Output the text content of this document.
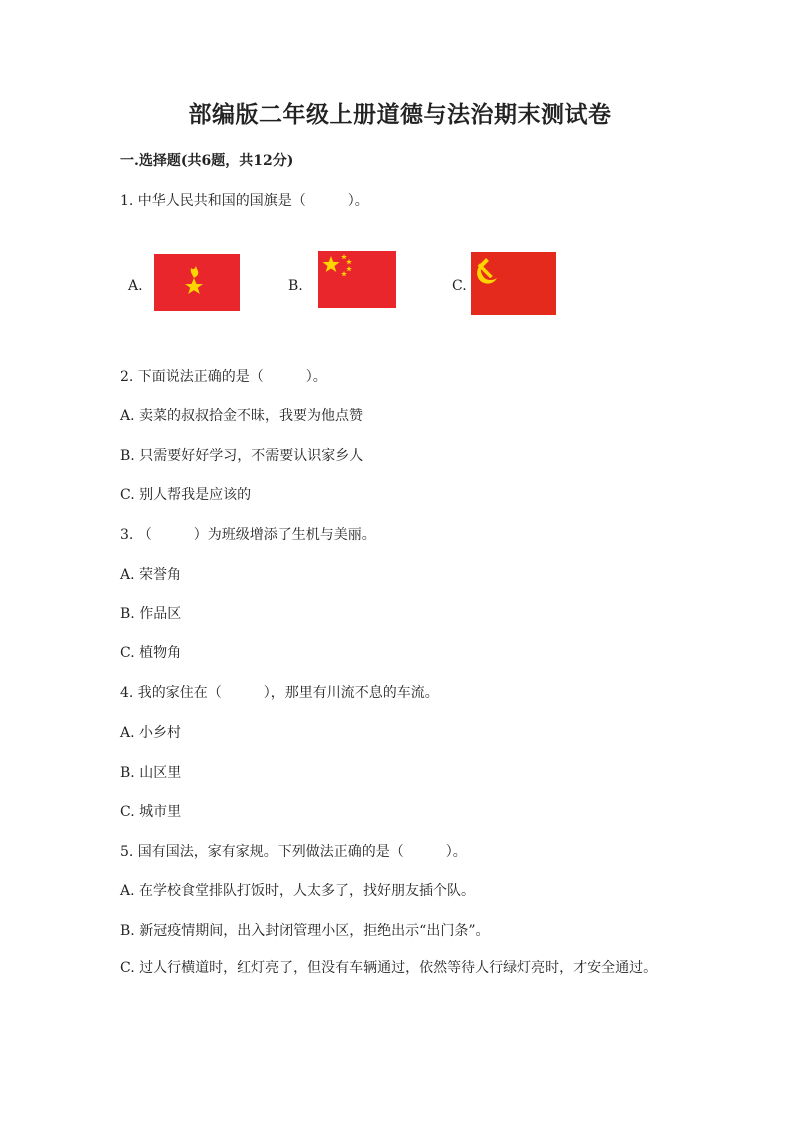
部编版二年级上册道德与法治期末测试卷
一.选择题(共6题，共12分)
1. 中华人民共和国的国旗是（　　　）。
A.	B.	C.
2. 下面说法正确的是（　　　）。
A. 卖菜的叔叔拾金不昧，我要为他点赞
B. 只需要好好学习，不需要认识家乡人
C. 别人帮我是应该的
3. （　　　）为班级增添了生机与美丽。
A. 荣誉角
B. 作品区
C. 植物角
4. 我的家住在（　　　），那里有川流不息的车流。
A. 小乡村
B. 山区里
C. 城市里
5. 国有国法，家有家规。下列做法正确的是（　　　）。
A. 在学校食堂排队打饭时，人太多了，找好朋友插个队。
B. 新冠疫情期间，出入封闭管理小区，拒绝出示“出门条”。
C. 过人行横道时，红灯亮了，但没有车辆通过，依然等待人行绿灯亮时，才安全通过。
